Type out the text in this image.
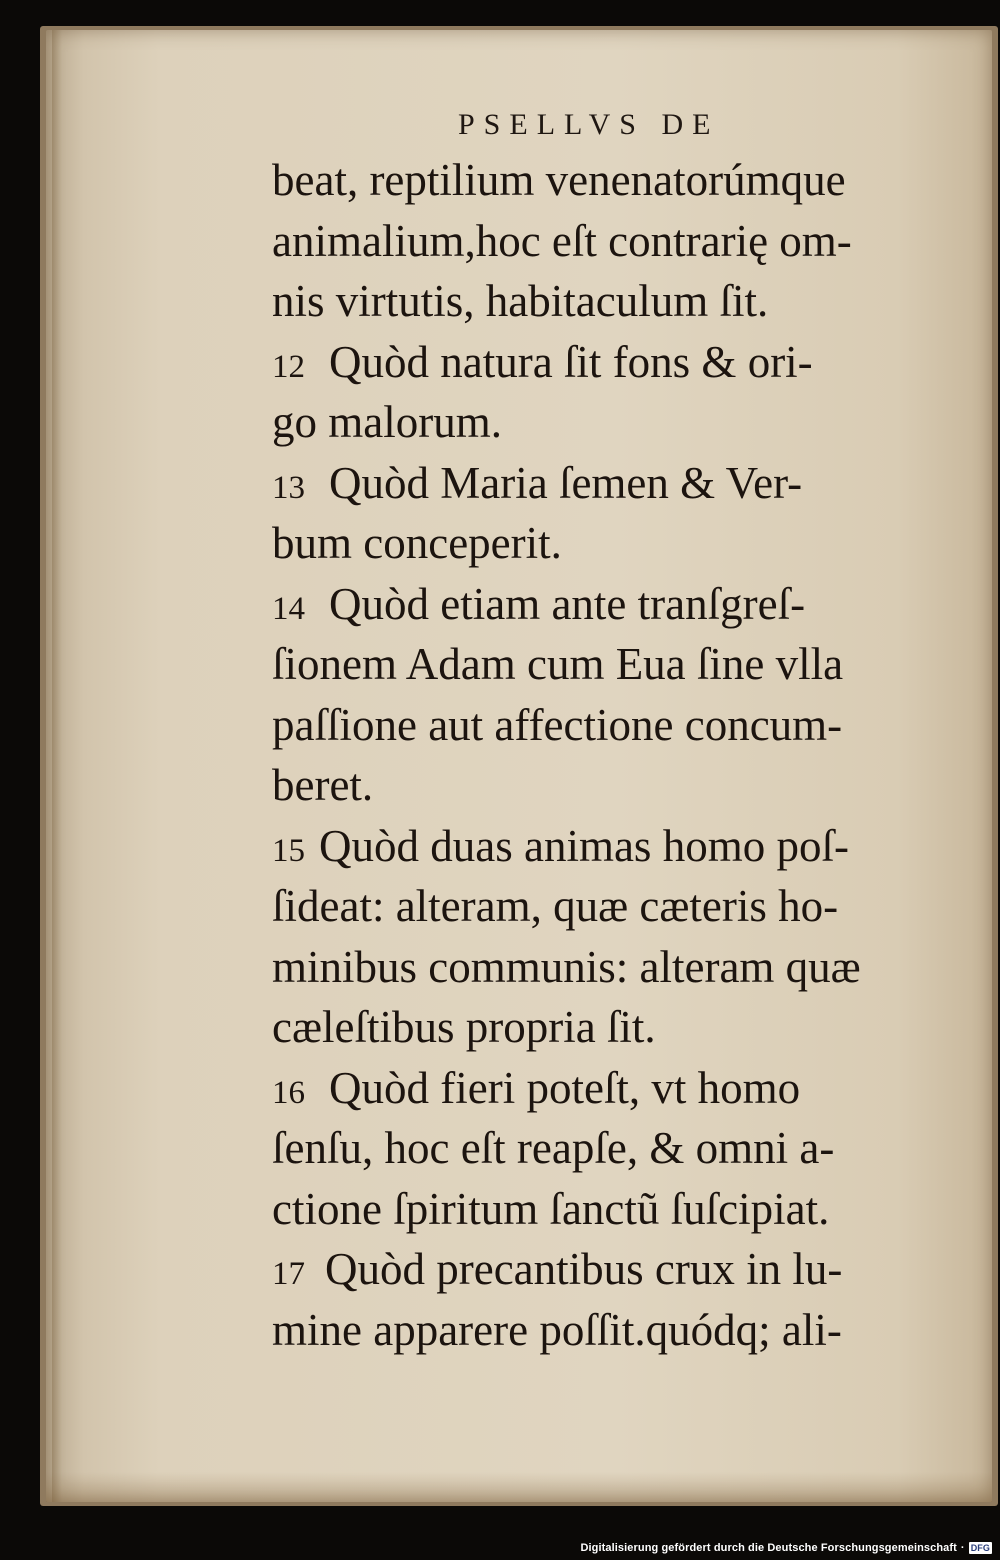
PSELLVS DE
beat, reptilium venenatorúmque
animalium,hoc eſt contrarię om-
nis virtutis, habitaculum ſit.
12 Quòd natura ſit fons & ori-
go malorum.
13 Quòd Maria ſemen & Ver-
bum conceperit.
14 Quòd etiam ante tranſgreſ-
ſionem Adam cum Eua ſine vlla
paſſione aut affectione concum-
beret.
15 Quòd duas animas homo poſ-
ſideat: alteram, quæ cæteris ho-
minibus communis: alteram quæ
cæleſtibus propria ſit.
16 Quòd fieri poteſt, vt homo
ſenſu, hoc eſt reapſe, & omni a-
ctione ſpiritum ſanctũ ſuſcipiat.
17 Quòd precantibus crux in lu-
mine apparere poſſit.quódq; ali-
Digitalisierung gefördert durch die Deutsche Forschungsgemeinschaft · DFG
